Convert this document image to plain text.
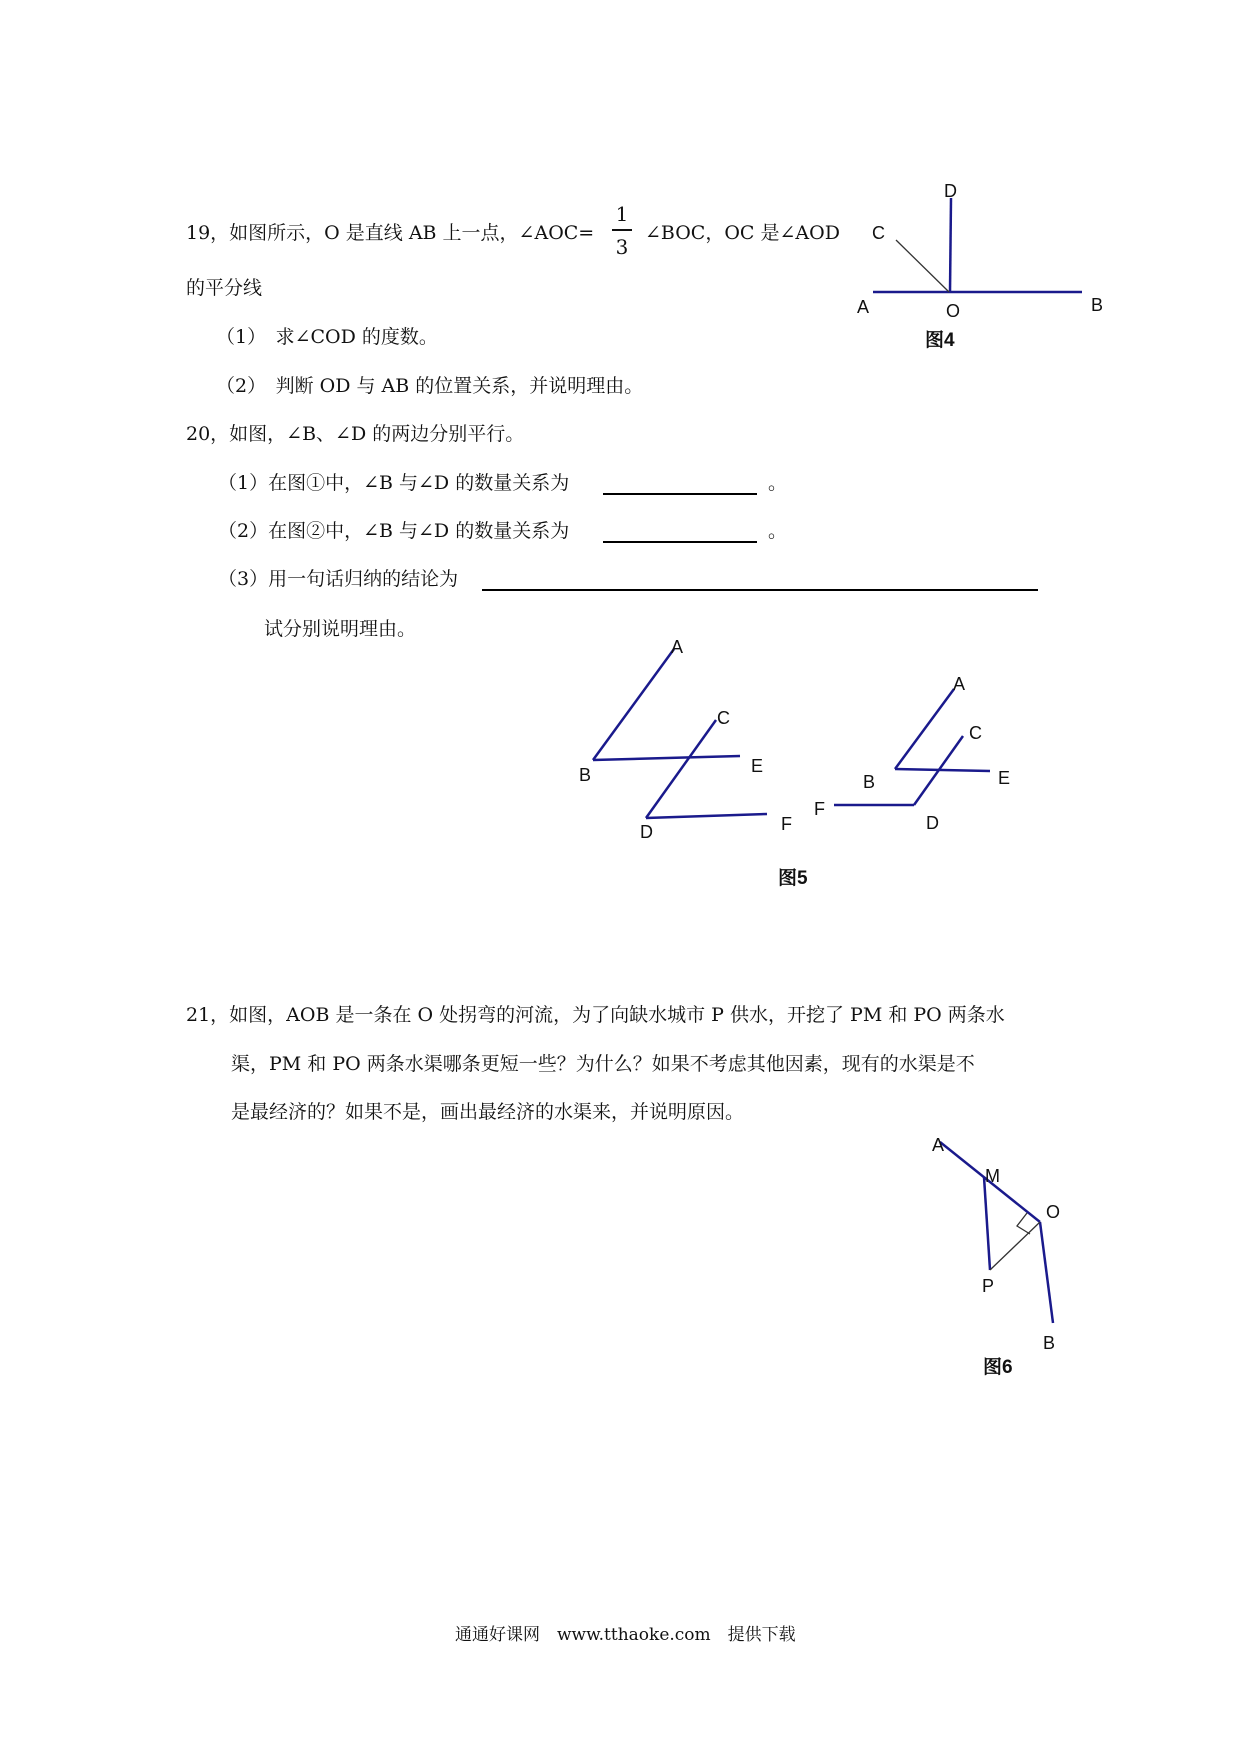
19，如图所示，O 是直线 AB 上一点，∠AOC=
1
3
∠BOC，OC 是∠AOD
的平分线
（1）　求∠COD 的度数。
（2）　判断 OD 与 AB 的位置关系，并说明理由。
20，如图，∠B、∠D 的两边分别平行。
（1）在图①中，∠B 与∠D 的数量关系为	。
（2）在图②中，∠B 与∠D 的数量关系为	。
（3）用一句话归纳的结论为
试分别说明理由。
21，如图，AOB 是一条在 O 处拐弯的河流，为了向缺水城市 P 供水，开挖了 PM 和 PO 两条水
渠，PM 和 PO 两条水渠哪条更短一些？为什么？如果不考虑其他因素，现有的水渠是不
是最经济的？如果不是，画出最经济的水渠来，并说明原因。
D
C
A	O	B
图4
A
C
B	E
D	F
A
C
B	E
F
D
图5
A
M
O
P
B
图6
通通好课网　www.tthaoke.com　提供下载
